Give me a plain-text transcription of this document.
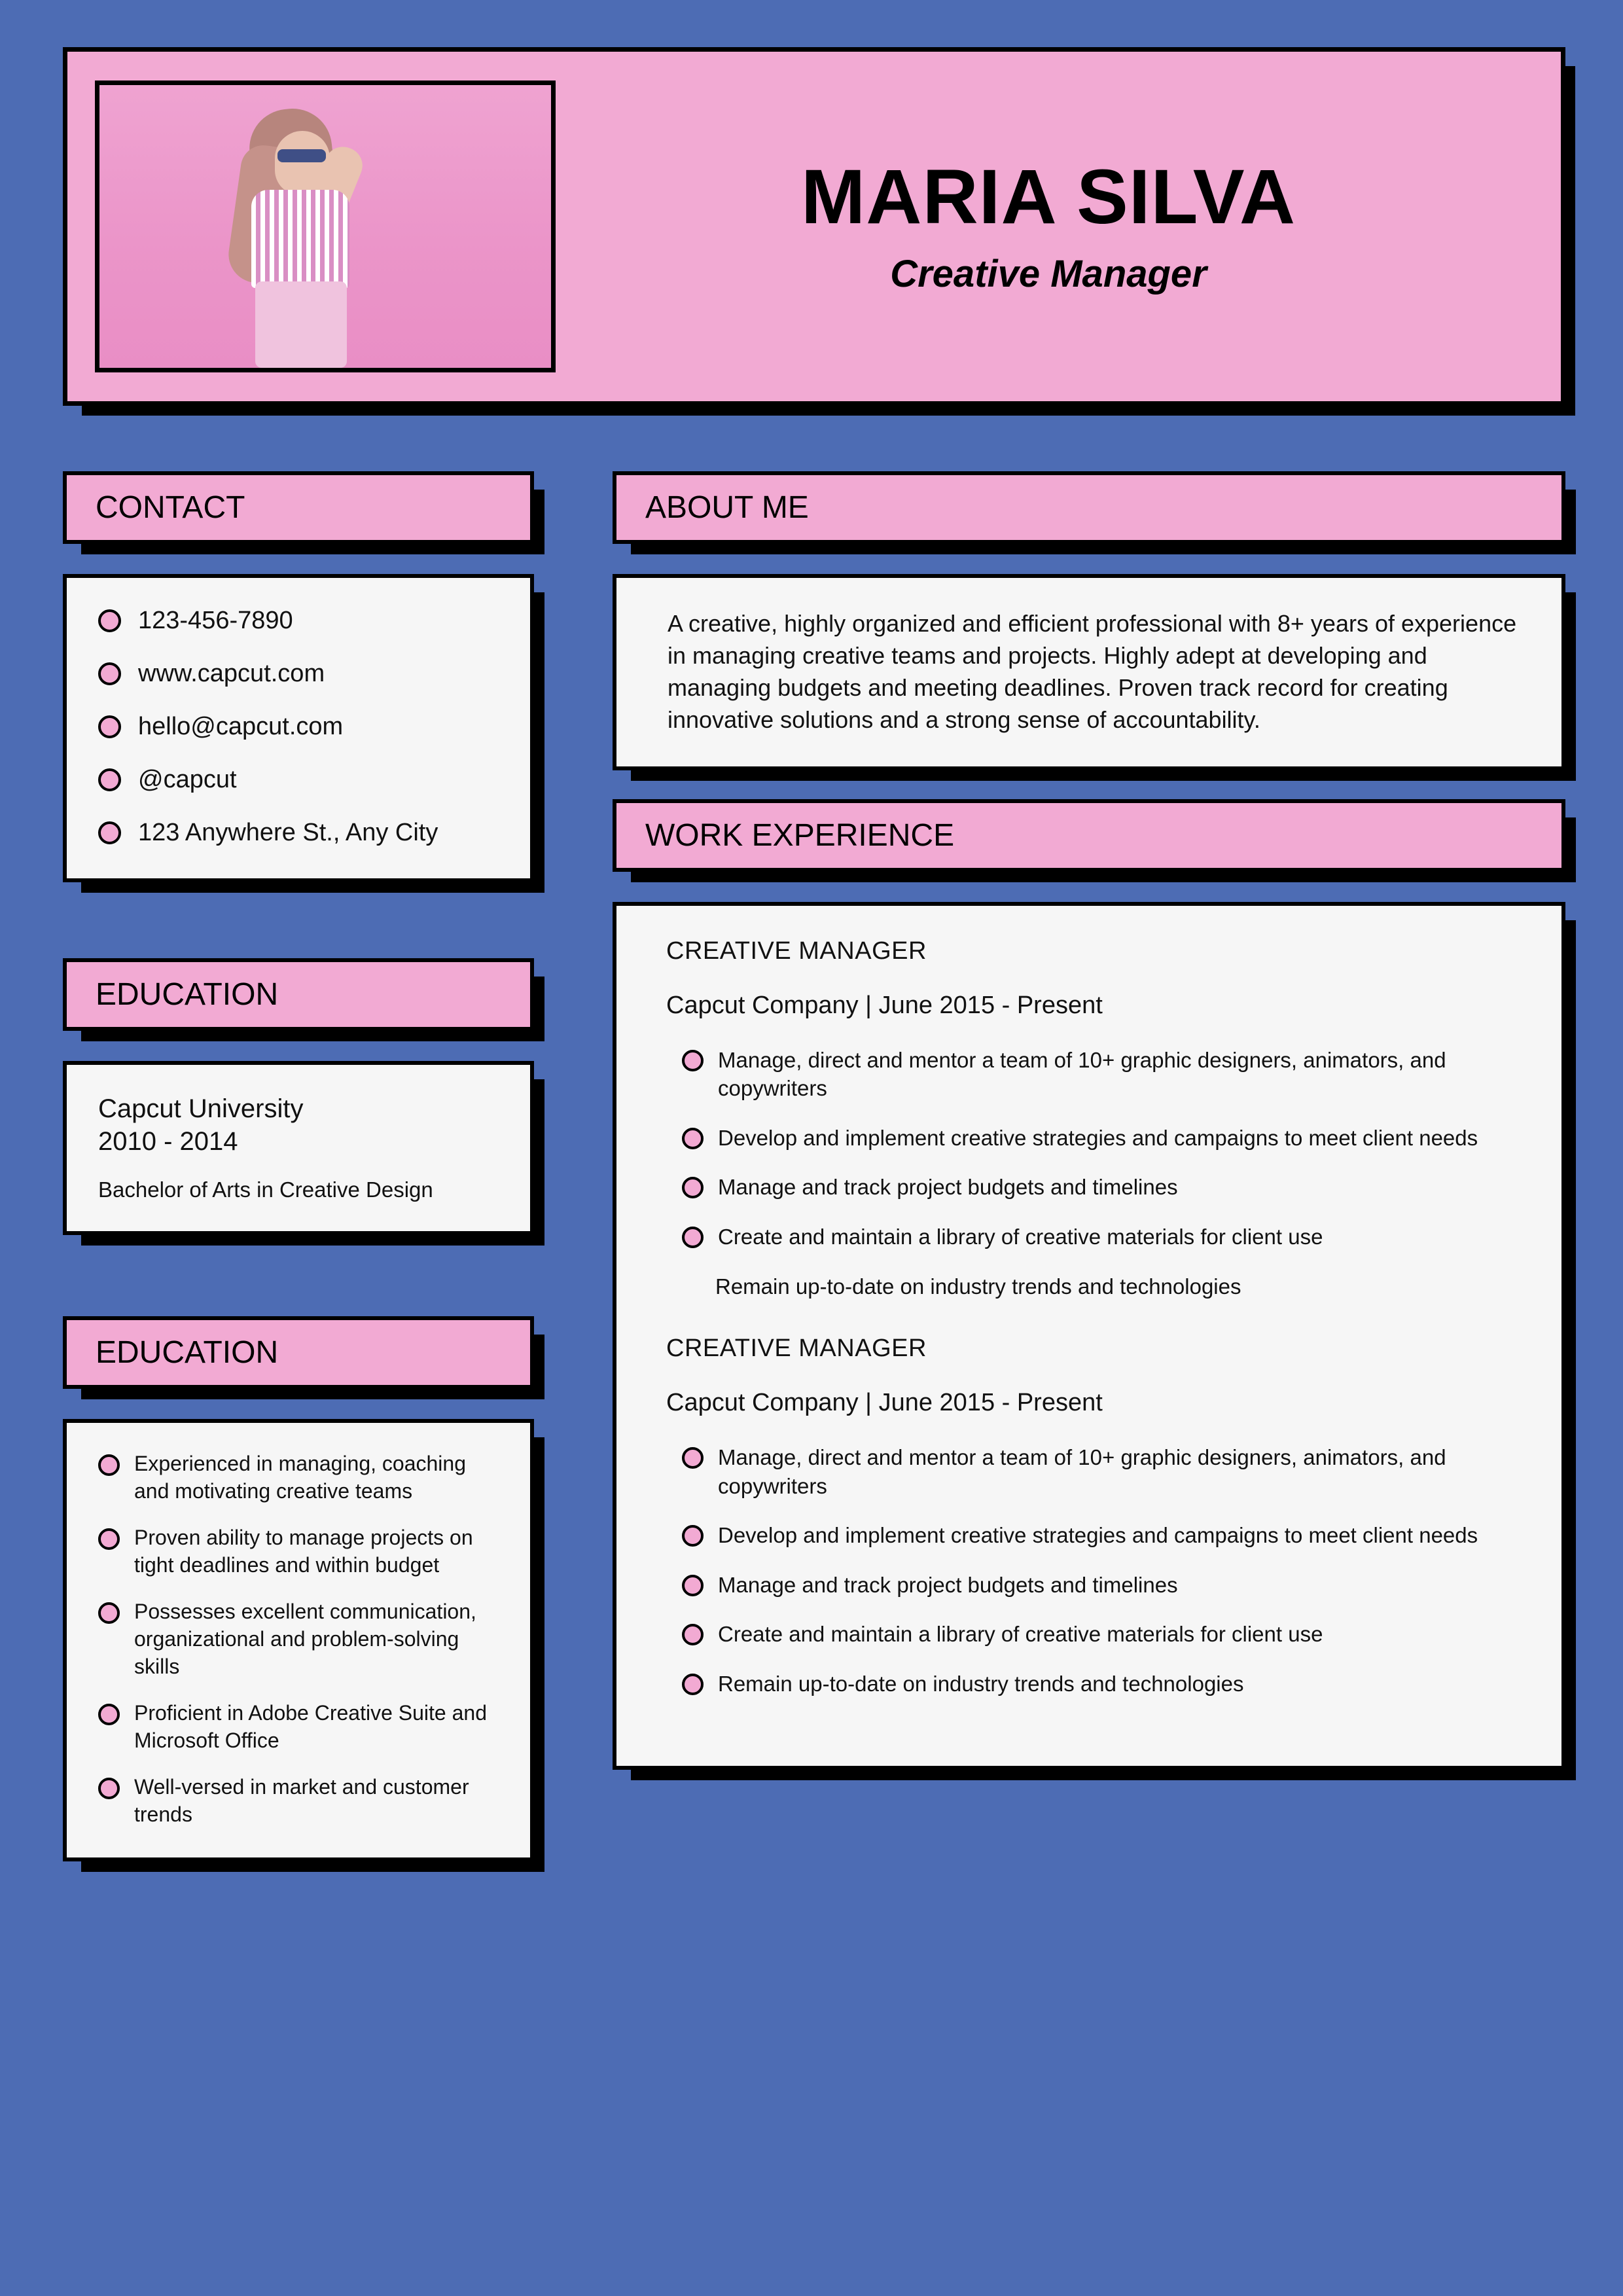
MARIA SILVA

Creative Manager

CONTACT
123-456-7890
www.capcut.com
hello@capcut.com
@capcut
123 Anywhere St., Any City
EDUCATION

Capcut University
2010 - 2014

Bachelor of Arts in Creative Design

EDUCATION
Experienced in managing, coaching and motivating creative teams
Proven ability to manage projects on tight deadlines and within budget
Possesses excellent communication, organizational and problem-solving skills
Proficient in Adobe Creative Suite and Microsoft Office
Well-versed in market and customer trends
ABOUT ME
A creative, highly organized and efficient professional with 8+ years of experience in managing creative teams and projects. Highly adept at developing and managing budgets and meeting deadlines. Proven track record for creating innovative solutions and a strong sense of accountability.
WORK EXPERIENCE

CREATIVE MANAGER

Capcut Company | June 2015 - Present

Manage, direct and mentor a team of 10+ graphic designers, animators, and copywriters
Develop and implement creative strategies and campaigns to meet client needs
Manage and track project budgets and timelines
Create and maintain a library of creative materials for client use
Remain up-to-date on industry trends and technologies

CREATIVE MANAGER

Capcut Company | June 2015 - Present

Manage, direct and mentor a team of 10+ graphic designers, animators, and copywriters
Develop and implement creative strategies and campaigns to meet client needs
Manage and track project budgets and timelines
Create and maintain a library of creative materials for client use
Remain up-to-date on industry trends and technologies
